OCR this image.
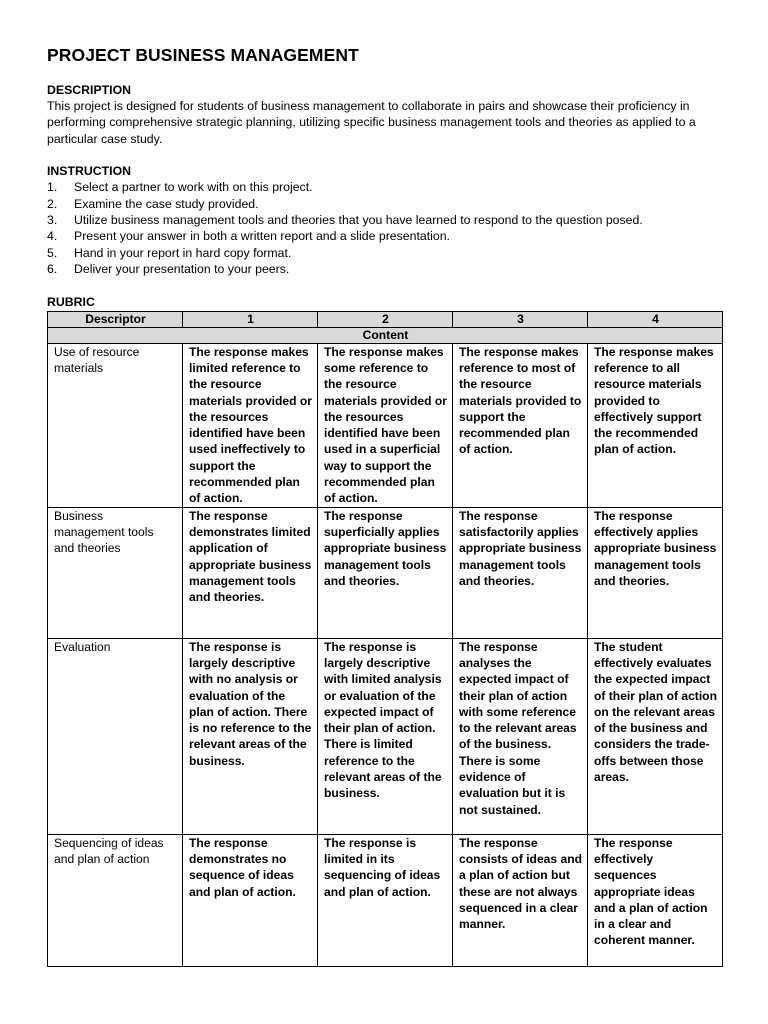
PROJECT BUSINESS MANAGEMENT

DESCRIPTION

This project is designed for students of business management to collaborate in pairs and showcase their proficiency in performing comprehensive strategic planning, utilizing specific business management tools and theories as applied to a particular case study.

INSTRUCTION

1.	Select a partner to work with on this project.
2.	Examine the case study provided.
3.	Utilize business management tools and theories that you have learned to respond to the question posed.
4.	Present your answer in both a written report and a slide presentation.
5.	Hand in your report in hard copy format.
6.	Deliver your presentation to your peers.

RUBRIC

Descriptor	1	2	3	4
Content				
Use of resource materials	The response makes limited reference to the resource materials provided or the resources identified have been used ineffectively to support the recommended plan of action.	The response makes some reference to the resource materials provided or the resources identified have been used in a superficial way to support the recommended plan of action.	The response makes reference to most of the resource materials provided to support the recommended plan of action.	The response makes reference to all resource materials provided to effectively support the recommended plan of action.
Business management tools and theories	The response demonstrates limited application of appropriate business management tools and theories.	The response superficially applies appropriate business management tools and theories.	The response satisfactorily applies appropriate business management tools and theories.	The response effectively applies appropriate business management tools and theories.
Evaluation	The response is largely descriptive with no analysis or evaluation of the plan of action. There is no reference to the relevant areas of the business.	The response is largely descriptive with limited analysis or evaluation of the expected impact of their plan of action. There is limited reference to the relevant areas of the business.	The response analyses the expected impact of their plan of action with some reference to the relevant areas of the business. There is some evidence of evaluation but it is not sustained.	The student effectively evaluates the expected impact of their plan of action on the relevant areas of the business and considers the trade-offs between those areas.
Sequencing of ideas and plan of action	The response demonstrates no sequence of ideas and plan of action.	The response is limited in its sequencing of ideas and plan of action.	The response consists of ideas and a plan of action but these are not always sequenced in a clear manner.	The response effectively sequences appropriate ideas and a plan of action in a clear and coherent manner.
